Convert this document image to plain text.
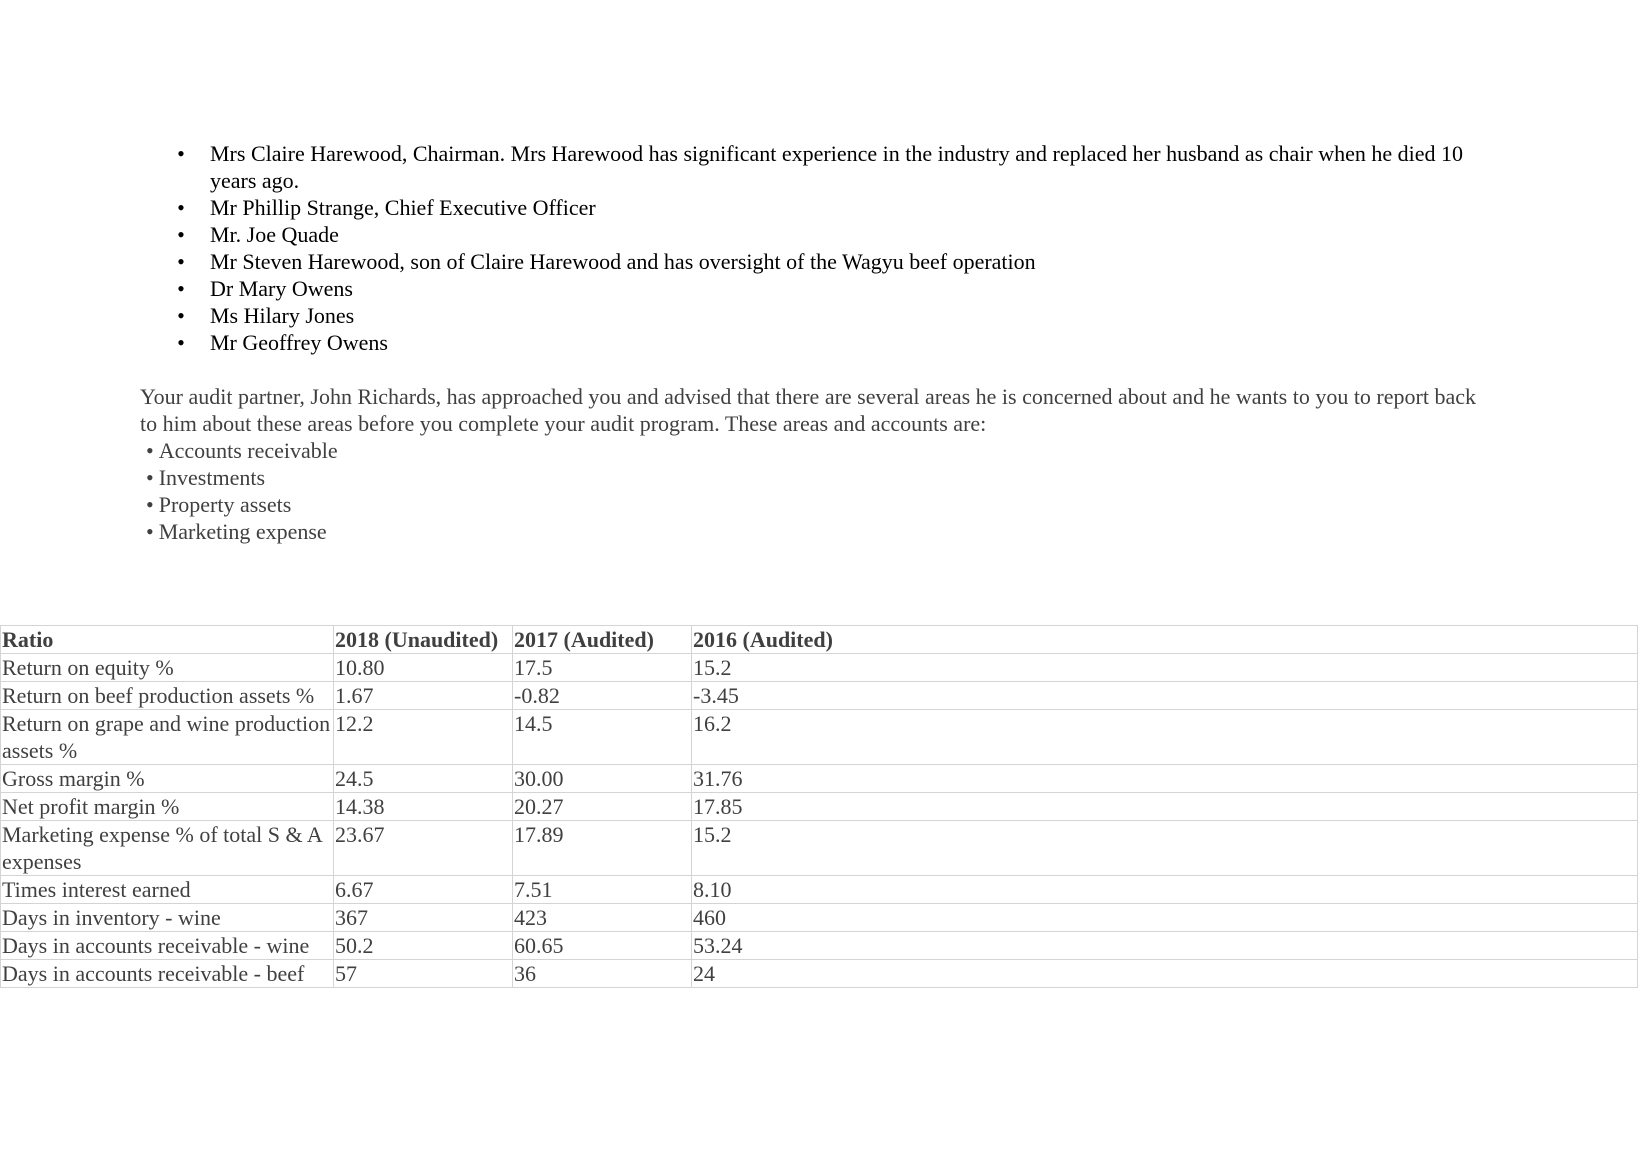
• Mrs Claire Harewood, Chairman. Mrs Harewood has significant experience in the industry and replaced her husband as chair when he died 10 years ago.
• Mr Phillip Strange, Chief Executive Officer
• Mr. Joe Quade
• Mr Steven Harewood, son of Claire Harewood and has oversight of the Wagyu beef operation
• Dr Mary Owens
• Ms Hilary Jones
• Mr Geoffrey Owens

Your audit partner, John Richards, has approached you and advised that there are several areas he is concerned about and he wants to you to report back to him about these areas before you complete your audit program. These areas and accounts are:

• Accounts receivable
• Investments
• Property assets
• Marketing expense
Ratio	2018 (Unaudited)	2017 (Audited)	2016 (Audited)
Return on equity %	10.80	17.5	15.2
Return on beef production assets %	1.67	-0.82	-3.45
Return on grape and wine production assets %	12.2	14.5	16.2
Gross margin %	24.5	30.00	31.76
Net profit margin %	14.38	20.27	17.85
Marketing expense % of total S & A expenses	23.67	17.89	15.2
Times interest earned	6.67	7.51	8.10
Days in inventory - wine	367	423	460
Days in accounts receivable - wine	50.2	60.65	53.24
Days in accounts receivable - beef	57	36	24
